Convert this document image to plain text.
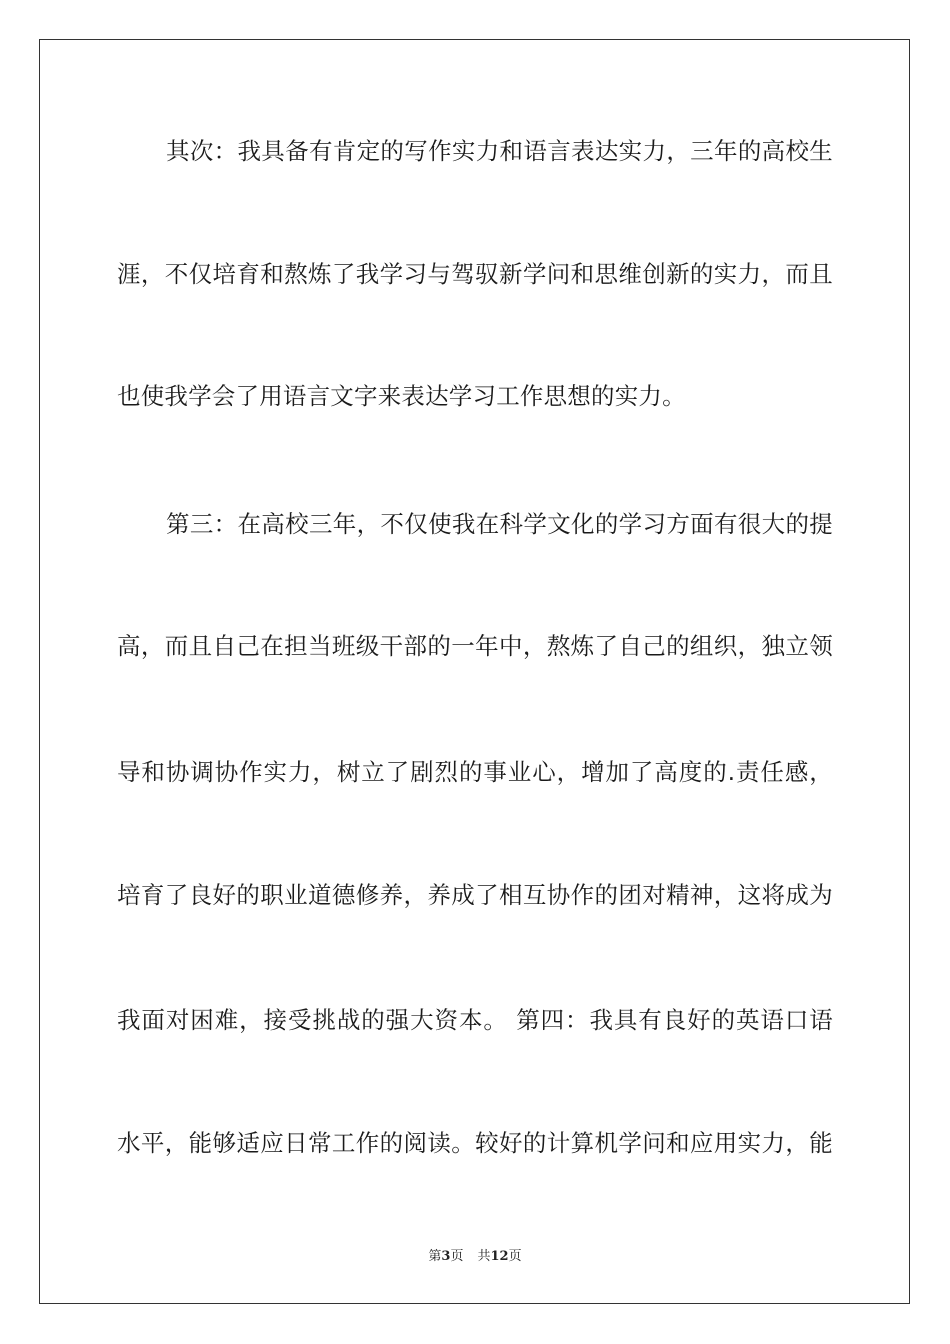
其次：我具备有肯定的写作实力和语言表达实力，三年的高校生
涯，不仅培育和熬炼了我学习与驾驭新学问和思维创新的实力，而且
也使我学会了用语言文字来表达学习工作思想的实力。
第三：在高校三年，不仅使我在科学文化的学习方面有很大的提
高，而且自己在担当班级干部的一年中，熬炼了自己的组织，独立领
导和协调协作实力，树立了剧烈的事业心，增加了高度的.责任感，
培育了良好的职业道德修养，养成了相互协作的团对精神，这将成为
我面对困难，接受挑战的强大资本。 第四：我具有良好的英语口语
水平，能够适应日常工作的阅读。较好的计算机学问和应用实力，能
第3页 共12页
